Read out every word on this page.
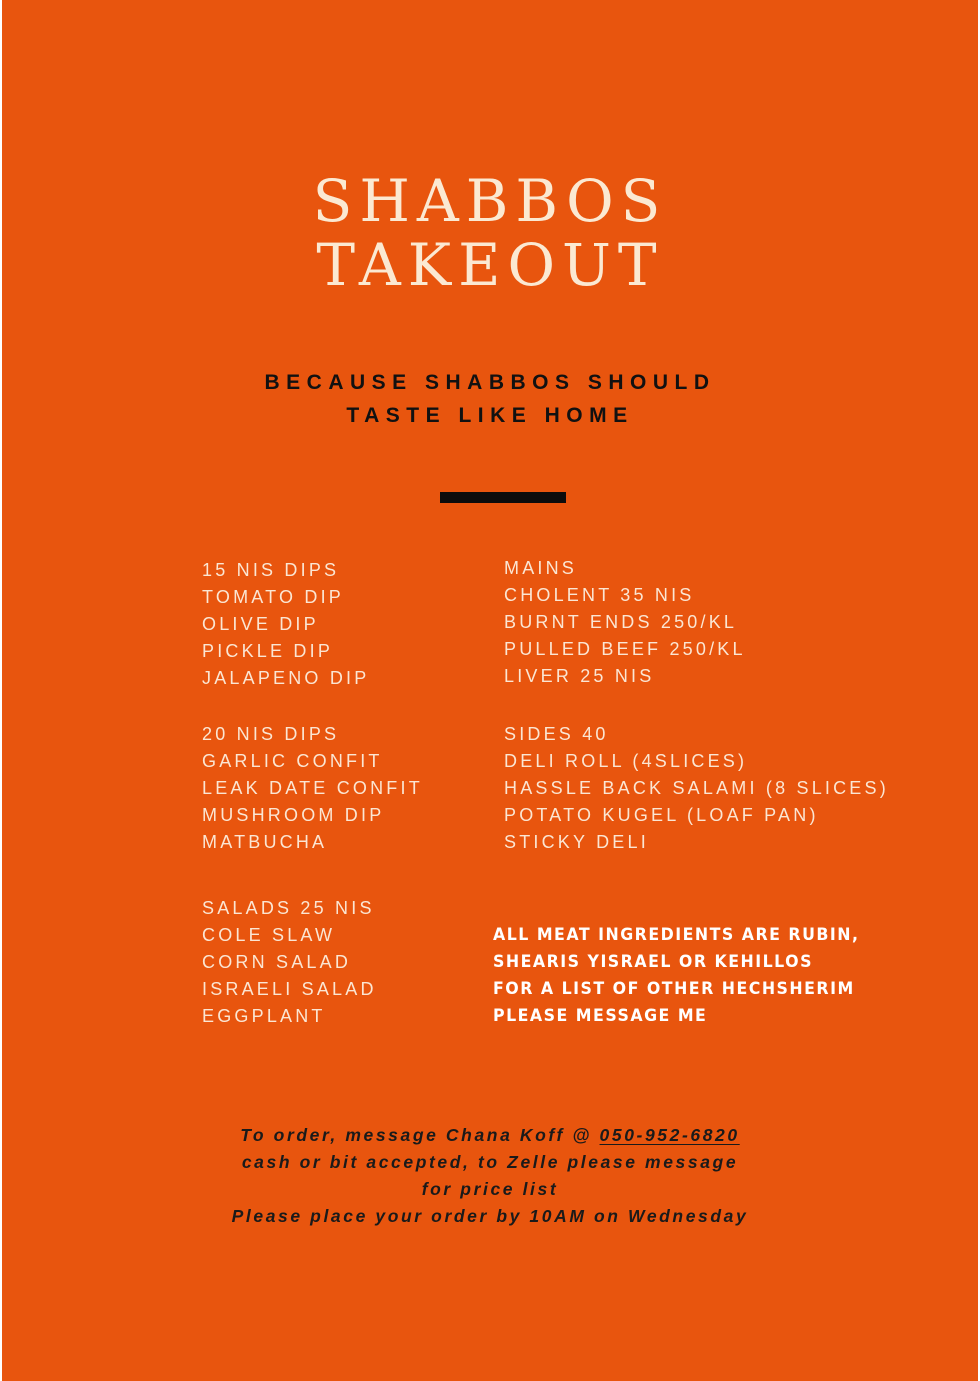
SHABBOS
TAKEOUT
BECAUSE SHABBOS SHOULD
TASTE LIKE HOME
15 NIS DIPS
TOMATO DIP
OLIVE DIP
PICKLE DIP
JALAPENO DIP
20 NIS DIPS
GARLIC CONFIT
LEAK DATE CONFIT
MUSHROOM DIP
MATBUCHA
SALADS 25 NIS
COLE SLAW
CORN SALAD
ISRAELI SALAD
EGGPLANT
MAINS
CHOLENT 35 NIS
BURNT ENDS 250/KL
PULLED BEEF 250/KL
LIVER 25 NIS
SIDES 40
DELI ROLL (4SLICES)
HASSLE BACK SALAMI (8 SLICES)
POTATO KUGEL (LOAF PAN)
STICKY DELI
ALL MEAT INGREDIENTS ARE RUBIN,
SHEARIS YISRAEL OR KEHILLOS
FOR A LIST OF OTHER HECHSHERIM
PLEASE MESSAGE ME
To order, message Chana Koff @ 050-952-6820
cash or bit accepted, to Zelle please message
for price list
Please place your order by 10AM on Wednesday
